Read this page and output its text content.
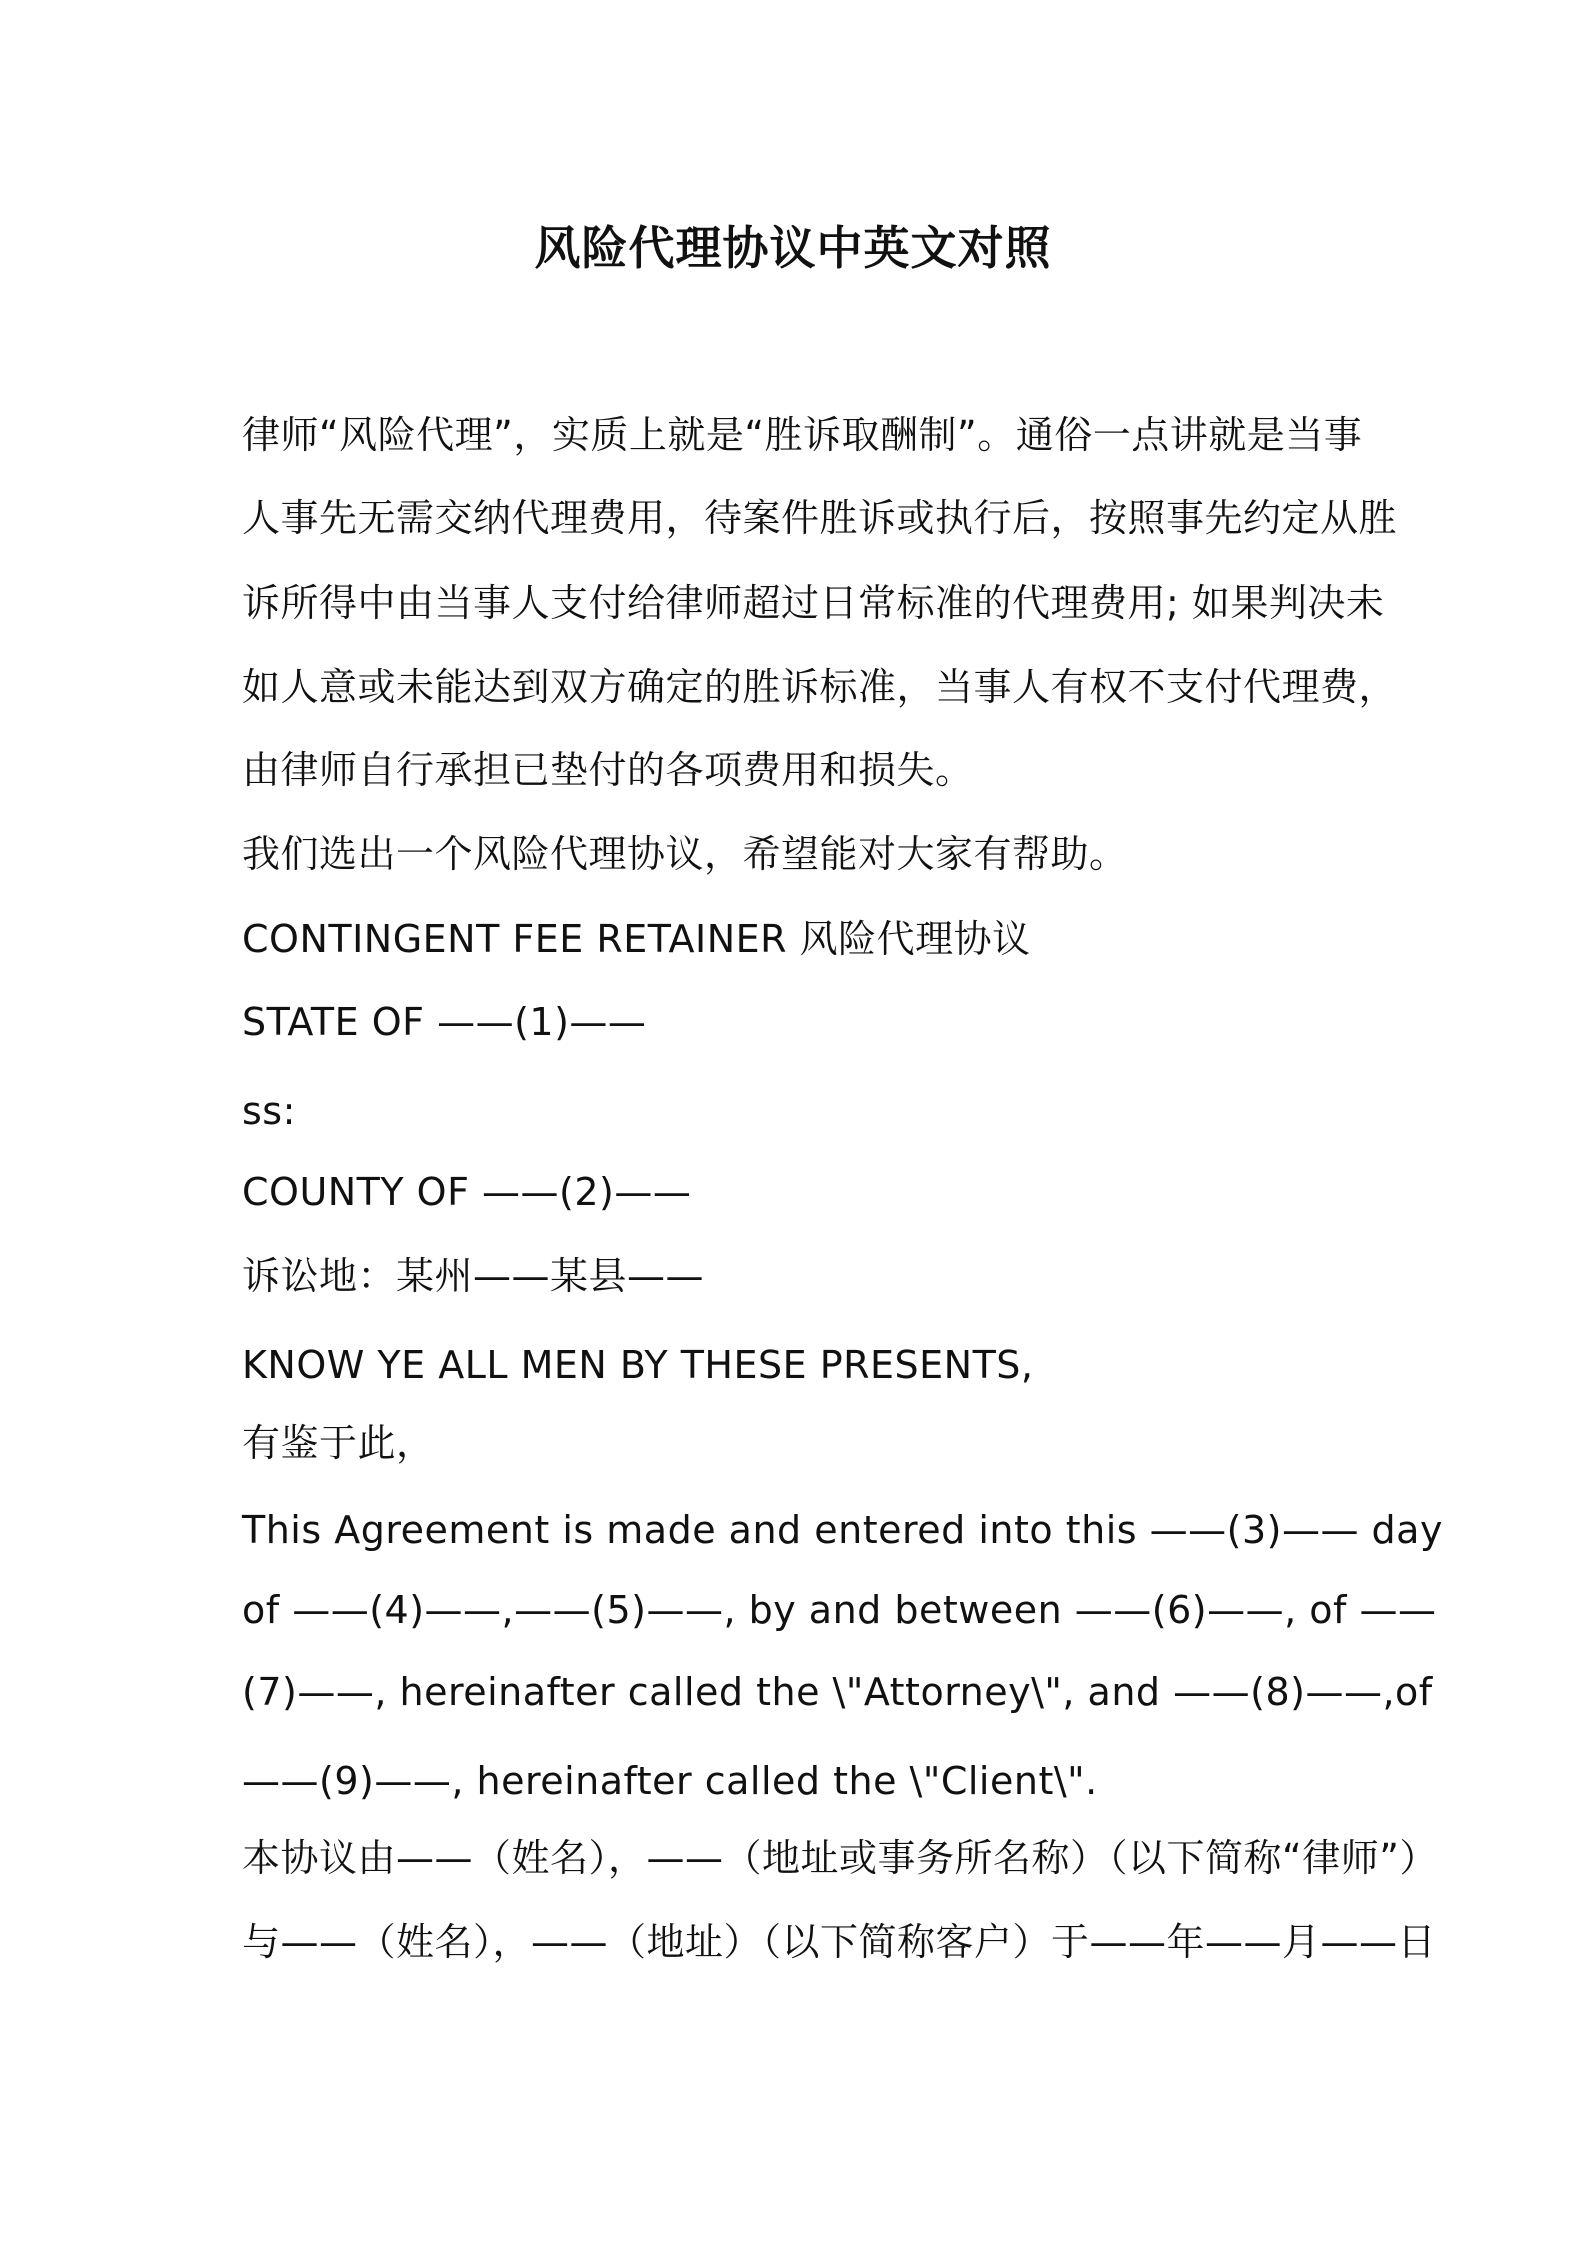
风险代理协议中英文对照
律师“风险代理”，实质上就是“胜诉取酬制”。通俗一点讲就是当事
人事先无需交纳代理费用，待案件胜诉或执行后，按照事先约定从胜
诉所得中由当事人支付给律师超过日常标准的代理费用; 如果判决未
如人意或未能达到双方确定的胜诉标准，当事人有权不支付代理费，
由律师自行承担已垫付的各项费用和损失。
我们选出一个风险代理协议，希望能对大家有帮助。
CONTINGENT FEE RETAINER 风险代理协议
STATE OF ——(1)——
ss:
COUNTY OF ——(2)——
诉讼地：某州——某县——
KNOW YE ALL MEN BY THESE PRESENTS,
有鉴于此，
This Agreement is made and entered into this ——(3)—— day
of ——(4)——,——(5)——, by and between ——(6)——, of ——
(7)——, hereinafter called the \"Attorney\", and ——(8)——,of
——(9)——, hereinafter called the \"Client\".
本协议由——（姓名），——（地址或事务所名称）（以下简称“律师”）
与——（姓名），——（地址）（以下简称客户）于——年——月——日
